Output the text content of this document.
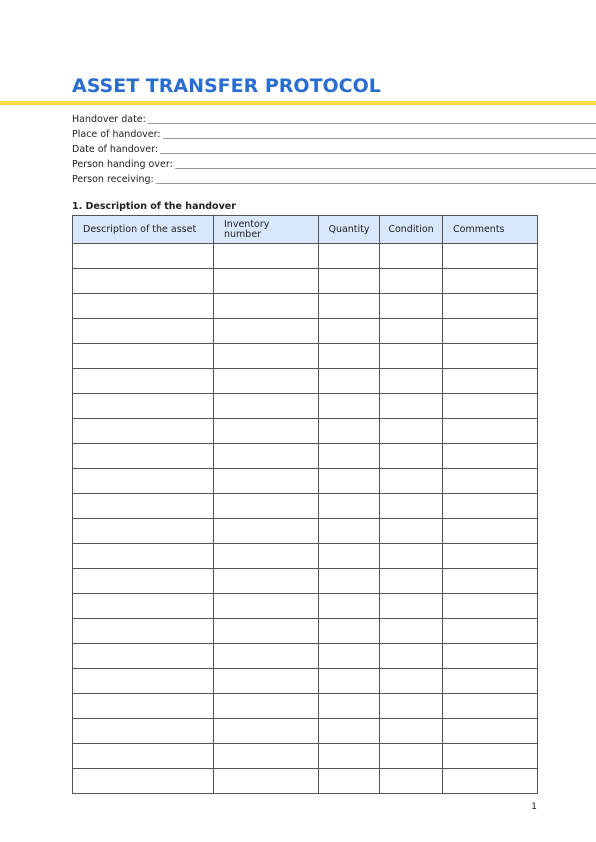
ASSET TRANSFER PROTOCOL
Handover date:
Place of handover:
Date of handover:
Person handing over:
Person receiving:
1. Description of the handover
Description of the asset	Inventory number	Quantity	Condition	Comments

1
